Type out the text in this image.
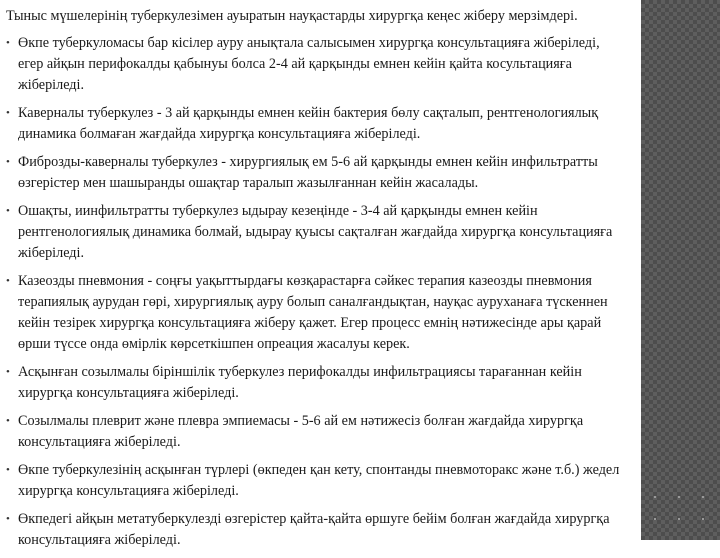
Тыныс мүшелерінің туберкулезімен ауыратын науқастарды хирургқа кеңес жіберу мерзімдері.

• Өкпе туберкуломасы бар кісілер ауру анықтала салысымен хирургқа консультацияға жіберіледі, егер айқын перифокалды қабынуы болса 2-4 ай қарқынды емнен кейін қайта косультацияға жіберіледі.
• Кавернaлы туберкулез - 3 ай қарқынды емнен кейін бактерия бөлу сақталып, рентгенологиялық динамика болмаған жағдайда хирургқа консультацияға жіберіледі.
• Фиброзды-кавернaлы туберкулез - хирургиялық ем 5-6 ай қарқынды емнен кейін инфильтратты өзгерістер мен шашыранды ошақтар таралып жазылғаннан кейін жасалады.
• Ошақты, иинфильтратты туберкулез ыдырау кезеңінде - 3-4 ай қарқынды емнен кейін рентгенологиялық динамика болмай, ыдырау қуысы сақталған жағдайда хирургқа консультацияға жіберіледі.
• Казеозды пневмония - соңғы уақыттырдағы көзқарастарға сәйкес терапия казеозды пневмония терапиялық аурудан гөрі, хирургиялық ауру болып саналғандықтан, науқас ауруханаға түскеннен кейін тезірек хирургқа консультацияға жіберу қажет. Егер процесс емнің нәтижесінде ары қарай өрши түссе онда өмірлік көрсеткішпен опреация жасалуы керек.
• Асқынған созылмалы біріншілік туберкулез перифокалды инфильтрациясы тарағаннан кейін хирургқа консультацияға жіберіледі.
• Созылмалы плеврит және плевра эмпиемасы - 5-6 ай ем нәтижесіз болған жағдайда хирургқа консультацияға жіберіледі.
• Өкпе туберкулезінің асқынған түрлері (өкпеден қан кету, спонтанды пневмоторакс және т.б.) жедел хирургқа консультацияға жіберіледі.
• Өкпедегі айқын метатуберкулезді өзгерістер қайта-қайта өршуге бейім болған жағдайда хирургқа консультацияға жіберіледі.
